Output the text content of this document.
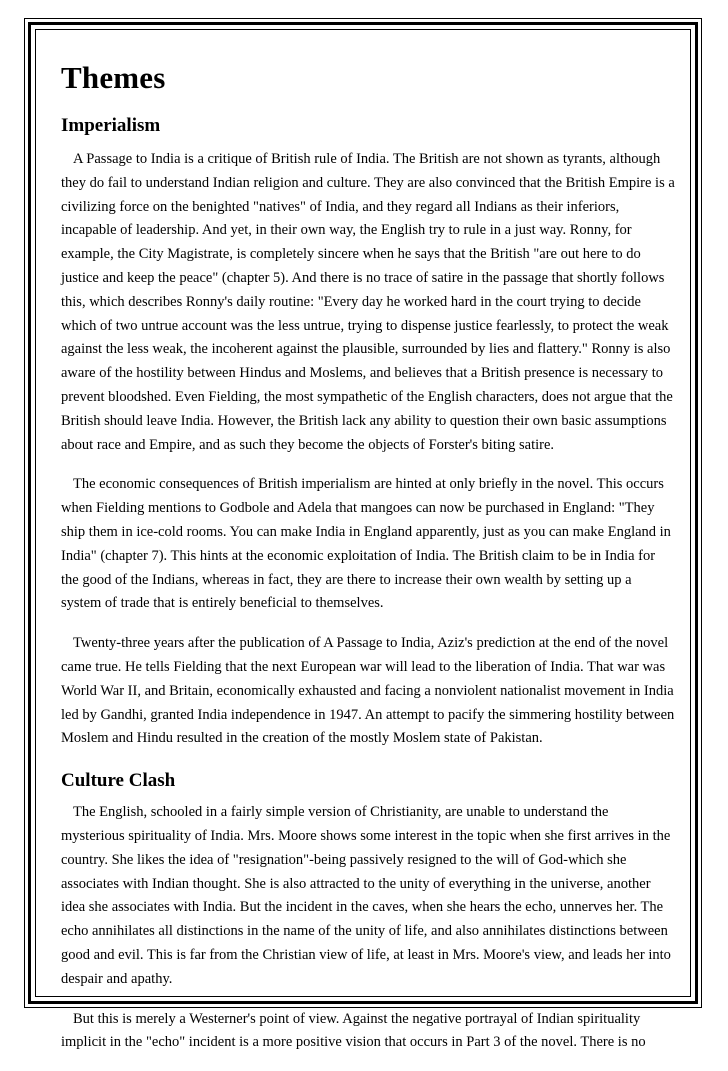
Themes
Imperialism

A Passage to India is a critique of British rule of India. The British are not shown as tyrants, although they do fail to understand Indian religion and culture. They are also convinced that the British Empire is a civilizing force on the benighted "natives" of India, and they regard all Indians as their inferiors, incapable of leadership. And yet, in their own way, the English try to rule in a just way. Ronny, for example, the City Magistrate, is completely sincere when he says that the British "are out here to do justice and keep the peace" (chapter 5). And there is no trace of satire in the passage that shortly follows this, which describes Ronny's daily routine: "Every day he worked hard in the court trying to decide which of two untrue account was the less untrue, trying to dispense justice fearlessly, to protect the weak against the less weak, the incoherent against the plausible, surrounded by lies and flattery." Ronny is also aware of the hostility between Hindus and Moslems, and believes that a British presence is necessary to prevent bloodshed. Even Fielding, the most sympathetic of the English characters, does not argue that the British should leave India. However, the British lack any ability to question their own basic assumptions about race and Empire, and as such they become the objects of Forster's biting satire.

The economic consequences of British imperialism are hinted at only briefly in the novel. This occurs when Fielding mentions to Godbole and Adela that mangoes can now be purchased in England: "They ship them in ice-cold rooms. You can make India in England apparently, just as you can make England in India" (chapter 7). This hints at the economic exploitation of India. The British claim to be in India for the good of the Indians, whereas in fact, they are there to increase their own wealth by setting up a system of trade that is entirely beneficial to themselves.

Twenty-three years after the publication of A Passage to India, Aziz's prediction at the end of the novel came true. He tells Fielding that the next European war will lead to the liberation of India. That war was World War II, and Britain, economically exhausted and facing a nonviolent nationalist movement in India led by Gandhi, granted India independence in 1947. An attempt to pacify the simmering hostility between Moslem and Hindu resulted in the creation of the mostly Moslem state of Pakistan.

Culture Clash

The English, schooled in a fairly simple version of Christianity, are unable to understand the mysterious spirituality of India. Mrs. Moore shows some interest in the topic when she first arrives in the country. She likes the idea of "resignation"-being passively resigned to the will of God-which she associates with Indian thought. She is also attracted to the unity of everything in the universe, another idea she associates with India. But the incident in the caves, when she hears the echo, unnerves her. The echo annihilates all distinctions in the name of the unity of life, and also annihilates distinctions between good and evil. This is far from the Christian view of life, at least in Mrs. Moore's view, and leads her into despair and apathy.

But this is merely a Westerner's point of view. Against the negative portrayal of Indian spirituality implicit in the "echo" incident is a more positive vision that occurs in Part 3 of the novel. There is no
